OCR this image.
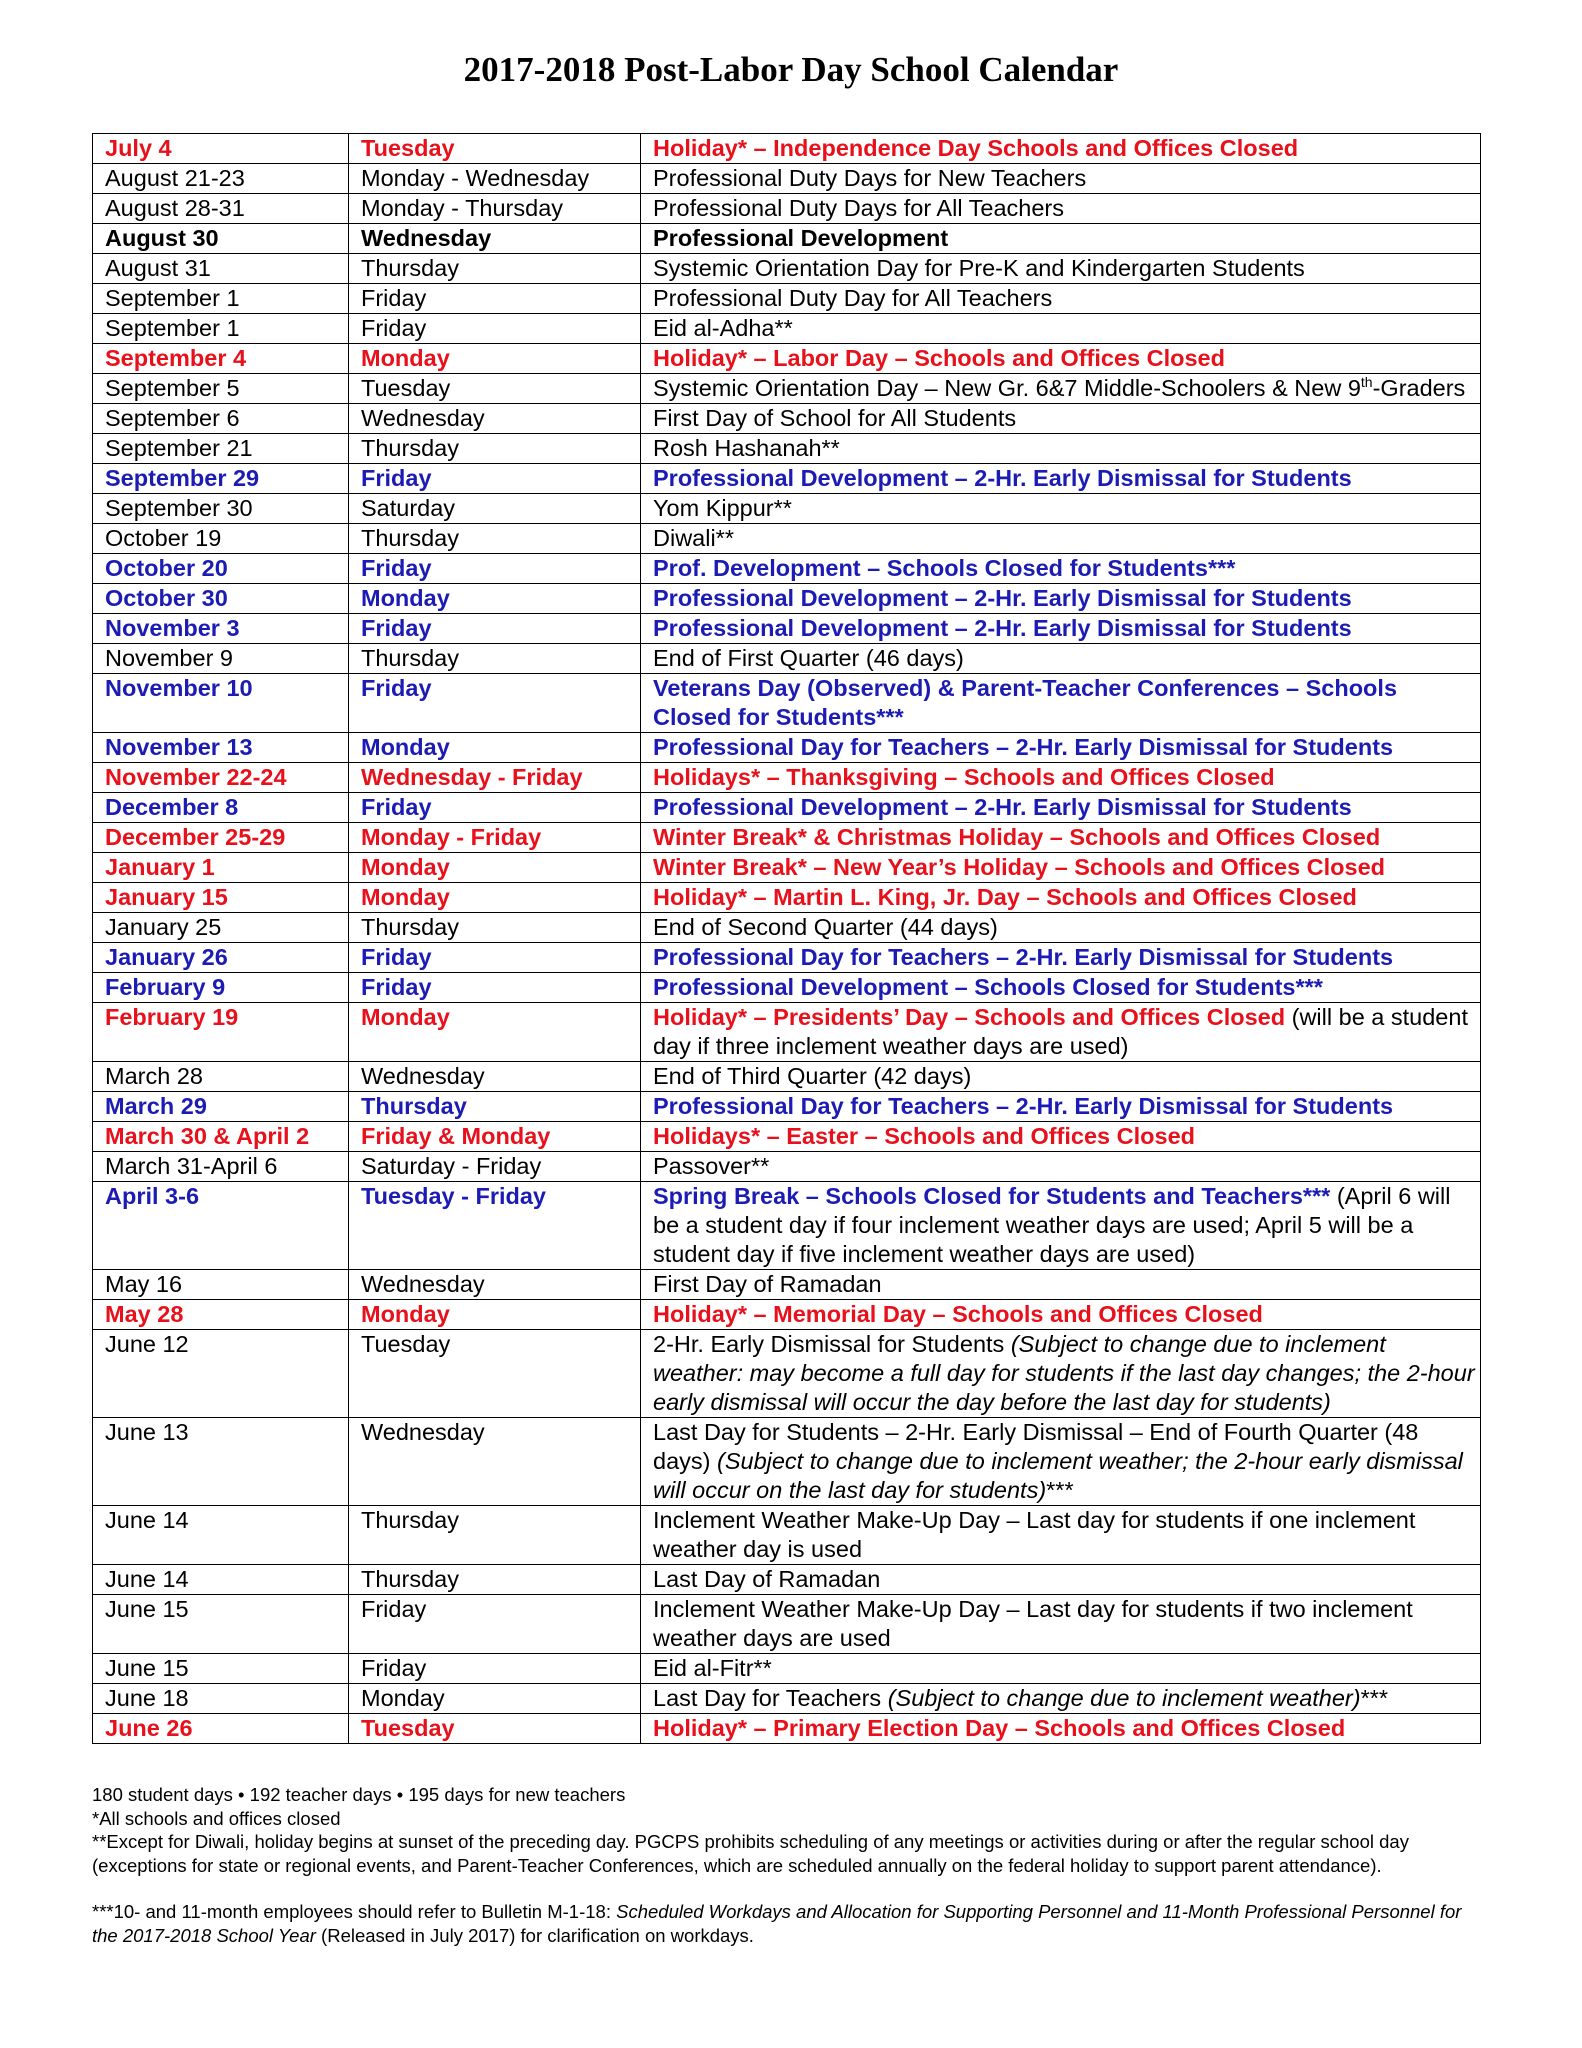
2017-2018 Post-Labor Day School Calendar
July 4	Tuesday	Holiday* – Independence Day Schools and Offices Closed
August 21-23	Monday - Wednesday	Professional Duty Days for New Teachers
August 28-31	Monday - Thursday	Professional Duty Days for All Teachers
August 30	Wednesday	Professional Development
August 31	Thursday	Systemic Orientation Day for Pre-K and Kindergarten Students
September 1	Friday	Professional Duty Day for All Teachers
September 1	Friday	Eid al-Adha**
September 4	Monday	Holiday* – Labor Day – Schools and Offices Closed
September 5	Tuesday	Systemic Orientation Day – New Gr. 6&7 Middle-Schoolers & New 9th-Graders
September 6	Wednesday	First Day of School for All Students
September 21	Thursday	Rosh Hashanah**
September 29	Friday	Professional Development – 2-Hr. Early Dismissal for Students
September 30	Saturday	Yom Kippur**
October 19	Thursday	Diwali**
October 20	Friday	Prof. Development – Schools Closed for Students***
October 30	Monday	Professional Development – 2-Hr. Early Dismissal for Students
November 3	Friday	Professional Development – 2-Hr. Early Dismissal for Students
November 9	Thursday	End of First Quarter (46 days)
November 10	Friday	Veterans Day (Observed) & Parent-Teacher Conferences – Schools Closed for Students***
November 13	Monday	Professional Day for Teachers – 2-Hr. Early Dismissal for Students
November 22-24	Wednesday - Friday	Holidays* – Thanksgiving – Schools and Offices Closed
December 8	Friday	Professional Development – 2-Hr. Early Dismissal for Students
December 25-29	Monday - Friday	Winter Break* & Christmas Holiday – Schools and Offices Closed
January 1	Monday	Winter Break* – New Year’s Holiday – Schools and Offices Closed
January 15	Monday	Holiday* – Martin L. King, Jr. Day – Schools and Offices Closed
January 25	Thursday	End of Second Quarter (44 days)
January 26	Friday	Professional Day for Teachers – 2-Hr. Early Dismissal for Students
February 9	Friday	Professional Development – Schools Closed for Students***
February 19	Monday	Holiday* – Presidents’ Day – Schools and Offices Closed (will be a student day if three inclement weather days are used)
March 28	Wednesday	End of Third Quarter (42 days)
March 29	Thursday	Professional Day for Teachers – 2-Hr. Early Dismissal for Students
March 30 & April 2	Friday & Monday	Holidays* – Easter – Schools and Offices Closed
March 31-April 6	Saturday - Friday	Passover**
April 3-6	Tuesday - Friday	Spring Break – Schools Closed for Students and Teachers*** (April 6 will be a student day if four inclement weather days are used; April 5 will be a student day if five inclement weather days are used)
May 16	Wednesday	First Day of Ramadan
May 28	Monday	Holiday* – Memorial Day – Schools and Offices Closed
June 12	Tuesday	2-Hr. Early Dismissal for Students (Subject to change due to inclement weather: may become a full day for students if the last day changes; the 2-hour early dismissal will occur the day before the last day for students)
June 13	Wednesday	Last Day for Students – 2-Hr. Early Dismissal – End of Fourth Quarter (48 days) (Subject to change due to inclement weather; the 2-hour early dismissal will occur on the last day for students)***
June 14	Thursday	Inclement Weather Make-Up Day – Last day for students if one inclement weather day is used
June 14	Thursday	Last Day of Ramadan
June 15	Friday	Inclement Weather Make-Up Day – Last day for students if two inclement weather days are used
June 15	Friday	Eid al-Fitr**
June 18	Monday	Last Day for Teachers (Subject to change due to inclement weather)***
June 26	Tuesday	Holiday* – Primary Election Day – Schools and Offices Closed

180 student days • 192 teacher days • 195 days for new teachers

*All schools and offices closed

**Except for Diwali, holiday begins at sunset of the preceding day. PGCPS prohibits scheduling of any meetings or activities during or after the regular school day (exceptions for state or regional events, and Parent-Teacher Conferences, which are scheduled annually on the federal holiday to support parent attendance).

***10- and 11-month employees should refer to Bulletin M-1-18: Scheduled Workdays and Allocation for Supporting Personnel and 11-Month Professional Personnel for the 2017-2018 School Year (Released in July 2017) for clarification on workdays.
